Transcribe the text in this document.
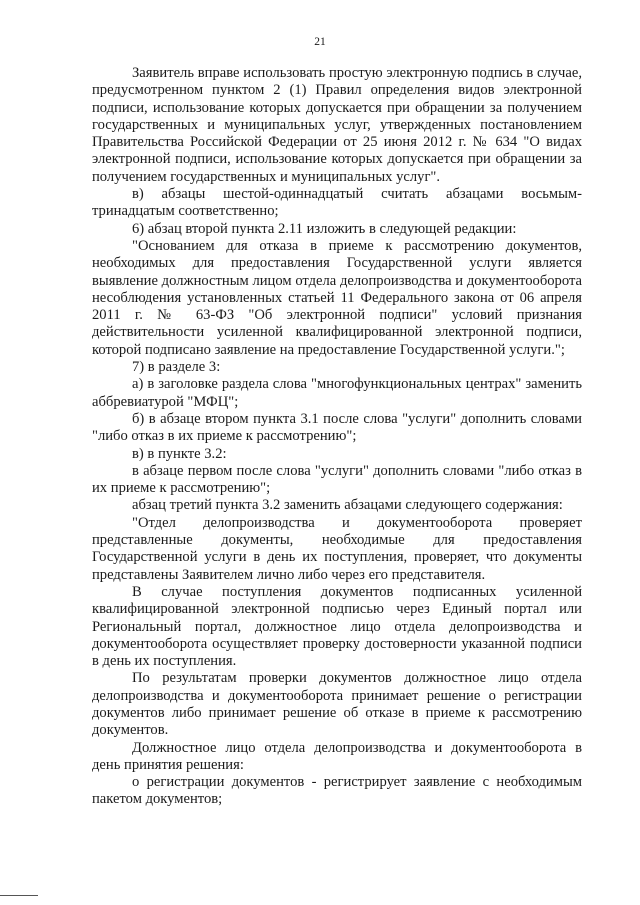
21

Заявитель вправе использовать простую электронную подпись в случае, предусмотренном пунктом 2 (1) Правил определения видов электронной подписи, использование которых допускается при обращении за получением государственных и муниципальных услуг, утвержденных постановлением Правительства Российской Федерации от 25 июня 2012 г. № 634 "О видах электронной подписи, использование которых допускается при обращении за получением государственных и муниципальных услуг".

в) абзацы шестой-одиннадцатый считать абзацами восьмым-тринадцатым соответственно;

6) абзац второй пункта 2.11 изложить в следующей редакции:

"Основанием для отказа в приеме к рассмотрению документов, необходимых для предоставления Государственной услуги является выявление должностным лицом отдела делопроизводства и документооборота несоблюдения установленных статьей 11 Федерального закона от 06 апреля 2011 г. № 63-ФЗ "Об электронной подписи" условий признания действительности усиленной квалифицированной электронной подписи, которой подписано заявление на предоставление Государственной услуги.";

7) в разделе 3:

а) в заголовке раздела слова "многофункциональных центрах" заменить аббревиатурой "МФЦ";

б) в абзаце втором пункта 3.1 после слова "услуги" дополнить словами "либо отказ в их приеме к рассмотрению";

в) в пункте 3.2:

в абзаце первом после слова "услуги" дополнить словами "либо отказ в их приеме к рассмотрению";

абзац третий пункта 3.2 заменить абзацами следующего содержания:

"Отдел делопроизводства и документооборота проверяет представленные документы, необходимые для предоставления Государственной услуги в день их поступления, проверяет, что документы представлены Заявителем лично либо через его представителя.

В случае поступления документов подписанных усиленной квалифицированной электронной подписью через Единый портал или Региональный портал, должностное лицо отдела делопроизводства и документооборота осуществляет проверку достоверности указанной подписи в день их поступления.

По результатам проверки документов должностное лицо отдела делопроизводства и документооборота принимает решение о регистрации документов либо принимает решение об отказе в приеме к рассмотрению документов.

Должностное лицо отдела делопроизводства и документооборота в день принятия решения:

о регистрации документов - регистрирует заявление с необходимым пакетом документов;
